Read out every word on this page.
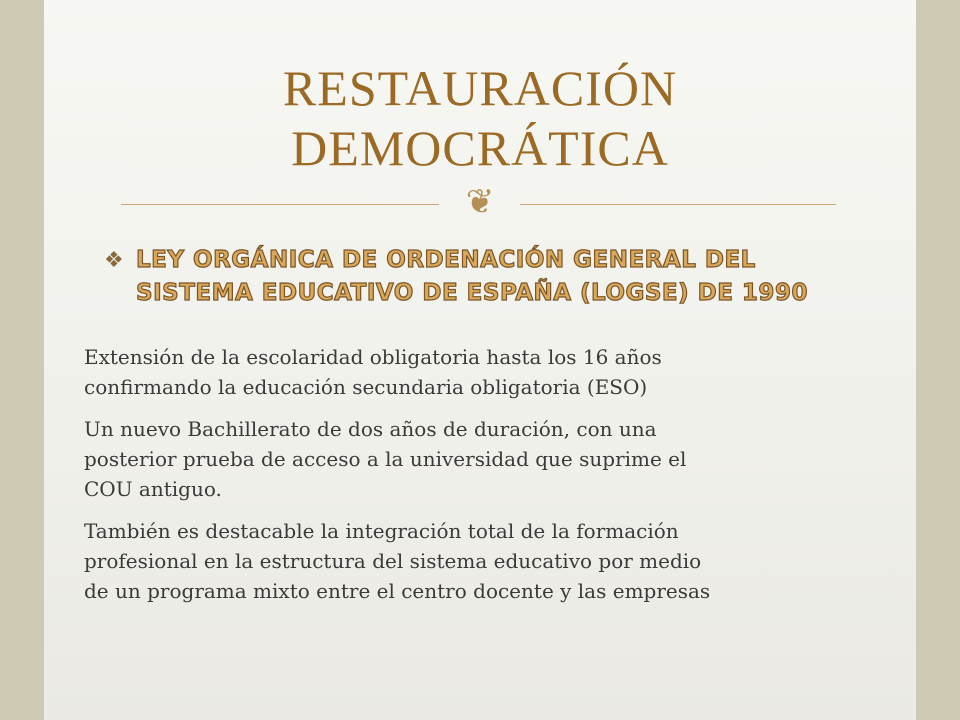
RESTAURACIÓN
DEMOCRÁTICA
❦
❖ LEY ORGÁNICA DE ORDENACIÓN GENERAL DEL
SISTEMA EDUCATIVO DE ESPAÑA (LOGSE) DE 1990
Extensión de la escolaridad obligatoria hasta los 16 años
confirmando la educación secundaria obligatoria (ESO)
Un nuevo Bachillerato de dos años de duración, con una
posterior prueba de acceso a la universidad que suprime el
COU antiguo.
También es destacable la integración total de la formación
profesional en la estructura del sistema educativo por medio
de un programa mixto entre el centro docente y las empresas
